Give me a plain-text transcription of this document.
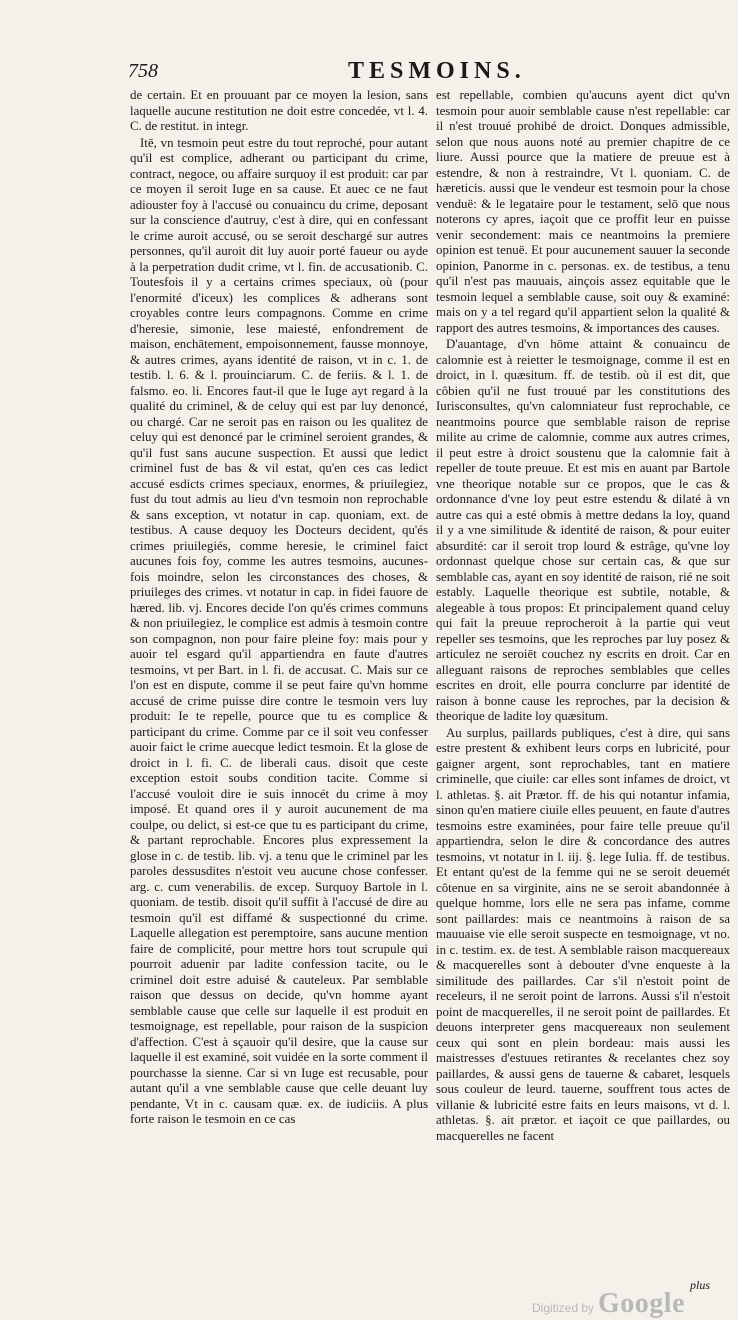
758	TESMOINS.

de certain. Et en prouuant par ce moyen la lesion, sans laquelle aucune restitution ne doit estre concedée, vt l. 4. C. de restitut. in integr.

Itē, vn tesmoin peut estre du tout reproché, pour autant qu'il est complice, adherant ou participant du crime, contract, negoce, ou affaire surquoy il est produit: car par ce moyen il seroit Iuge en sa cause. Et auec ce ne faut adiouster foy à l'accusé ou conuaincu du crime, deposant sur la conscience d'autruy, c'est à dire, qui en confessant le crime auroit accusé, ou se seroit deschargé sur autres personnes, qu'il auroit dit luy auoir porté faueur ou ayde à la perpetration dudit crime, vt l. fin. de accusationib. C. Toutesfois il y a certains crimes speciaux, où (pour l'enormité d'iceux) les complices & adherans sont croyables contre leurs compagnons. Comme en crime d'heresie, simonie, lese maiesté, enfondrement de maison, enchātement, empoisonnement, fausse monnoye, & autres crimes, ayans identité de raison, vt in c. 1. de testib. l. 6. & l. prouinciarum. C. de feriis. & l. 1. de falsmo. eo. li. Encores faut-il que le Iuge ayt regard à la qualité du criminel, & de celuy qui est par luy denoncé, ou chargé. Car ne seroit pas en raison ou les qualitez de celuy qui est denoncé par le criminel seroient grandes, & qu'il fust sans aucune suspection. Et aussi que ledict criminel fust de bas & vil estat, qu'en ces cas ledict accusé esdicts crimes speciaux, enormes, & priuilegiez, fust du tout admis au lieu d'vn tesmoin non reprochable & sans exception, vt notatur in cap. quoniam, ext. de testibus. A cause dequoy les Docteurs decident, qu'és crimes priuilegiés, comme heresie, le criminel faict aucunes fois foy, comme les autres tesmoins, aucunes-fois moindre, selon les circonstances des choses, & priuileges des crimes. vt notatur in cap. in fidei fauore de hæred. lib. vj. Encores decide l'on qu'és crimes communs & non priuilegiez, le complice est admis à tesmoin contre son compagnon, non pour faire pleine foy: mais pour y auoir tel esgard qu'il appartiendra en faute d'autres tesmoins, vt per Bart. in l. fi. de accusat. C. Mais sur ce l'on est en dispute, comme il se peut faire qu'vn homme accusé de crime puisse dire contre le tesmoin vers luy produit: Ie te repelle, pource que tu es complice & participant du crime. Comme par ce il soit veu confesser auoir faict le crime auecque ledict tesmoin. Et la glose de droict in l. fi. C. de liberali caus. disoit que ceste exception estoit soubs condition tacite. Comme si l'accusé vouloit dire ie suis innocét du crime à moy imposé. Et quand ores il y auroit aucunement de ma coulpe, ou delict, si est-ce que tu es participant du crime, & partant reprochable. Encores plus expressement la glose in c. de testib. lib. vj. a tenu que le criminel par les paroles dessusdites n'estoit veu aucune chose confesser. arg. c. cum venerabilis. de excep. Surquoy Bartole in l. quoniam. de testib. disoit qu'il suffit à l'accusé de dire au tesmoin qu'il est diffamé & suspectionné du crime. Laquelle allegation est peremptoire, sans aucune mention faire de complicité, pour mettre hors tout scrupule qui pourroit aduenir par ladite confession tacite, ou le criminel doit estre aduisé & cauteleux. Par semblable raison que dessus on decide, qu'vn homme ayant semblable cause que celle sur laquelle il est produit en tesmoignage, est repellable, pour raison de la suspicion d'affection. C'est à sçauoir qu'il desire, que la cause sur laquelle il est examiné, soit vuidée en la sorte comment il pourchasse la sienne. Car si vn Iuge est recusable, pour autant qu'il a vne semblable cause que celle deuant luy pendante, Vt in c. causam quæ. ex. de iudiciis. A plus forte raison le tesmoin en ce cas

est repellable, combien qu'aucuns ayent dict qu'vn tesmoin pour auoir semblable cause n'est repellable: car il n'est trouué prohibé de droict. Donques admissible, selon que nous auons noté au premier chapitre de ce liure. Aussi pource que la matiere de preuue est à estendre, & non à restraindre, Vt l. quoniam. C. de hæreticis. aussi que le vendeur est tesmoin pour la chose venduë: & le legataire pour le testament, selō que nous noterons cy apres, iaçoit que ce proffit leur en puisse venir secondement: mais ce neantmoins la premiere opinion est tenuë. Et pour aucunement sauuer la seconde opinion, Panorme in c. personas. ex. de testibus, a tenu qu'il n'est pas mauuais, ainçois assez equitable que le tesmoin lequel a semblable cause, soit ouy & examiné: mais on y a tel regard qu'il appartient selon la qualité & rapport des autres tesmoins, & importances des causes.

D'auantage, d'vn hōme attaint & conuaincu de calomnie est à reietter le tesmoignage, comme il est en droict, in l. quæsitum. ff. de testib. où il est dit, que côbien qu'il ne fust trouué par les constitutions des Iurisconsultes, qu'vn calomniateur fust reprochable, ce neantmoins pource que semblable raison de reprise milite au crime de calomnie, comme aux autres crimes, il peut estre à droict soustenu que la calomnie fait à repeller de toute preuue. Et est mis en auant par Bartole vne theorique notable sur ce propos, que le cas & ordonnance d'vne loy peut estre estendu & dilaté à vn autre cas qui a esté obmis à mettre dedans la loy, quand il y a vne similitude & identité de raison, & pour euiter absurdité: car il seroit trop lourd & estrâge, qu'vne loy ordonnast quelque chose sur certain cas, & que sur semblable cas, ayant en soy identité de raison, rié ne soit estably. Laquelle theorique est subtile, notable, & alegeable à tous propos: Et principalement quand celuy qui fait la preuue reprocheroit à la partie qui veut repeller ses tesmoins, que les reproches par luy posez & articulez ne seroiēt couchez ny escrits en droit. Car en alleguant raisons de reproches semblables que celles escrites en droit, elle pourra conclurre par identité de raison à bonne cause les reproches, par la decision & theorique de ladite loy quæsitum.

Au surplus, paillards publiques, c'est à dire, qui sans estre prestent & exhibent leurs corps en lubricité, pour gaigner argent, sont reprochables, tant en matiere criminelle, que ciuile: car elles sont infames de droict, vt l. athletas. §. ait Prætor. ff. de his qui notantur infamia, sinon qu'en matiere ciuile elles peuuent, en faute d'autres tesmoins estre examinées, pour faire telle preuue qu'il appartiendra, selon le dire & concordance des autres tesmoins, vt notatur in l. iij. §. lege Iulia. ff. de testibus. Et entant qu'est de la femme qui ne se seroit deuemét côtenue en sa virginite, ains ne se seroit abandonnée à quelque homme, lors elle ne sera pas infame, comme sont paillardes: mais ce neantmoins à raison de sa mauuaise vie elle seroit suspecte en tesmoignage, vt no. in c. testim. ex. de test. A semblable raison macquereaux & macquerelles sont à debouter d'vne enqueste à la similitude des paillardes. Car s'il n'estoit point de receleurs, il ne seroit point de larrons. Aussi s'il n'estoit point de macquerelles, il ne seroit point de paillardes. Et deuons interpreter gens macquereaux non seulement ceux qui sont en plein bordeau: mais aussi les maistresses d'estuues retirantes & recelantes chez soy paillardes, & aussi gens de tauerne & cabaret, lesquels sous couleur de leurd. tauerne, souffrent tous actes de villanie & lubricité estre faits en leurs maisons, vt d. l. athletas. §. ait prætor. et iaçoit ce que paillardes, ou macquerelles ne facent

plus
Digitized by Google
